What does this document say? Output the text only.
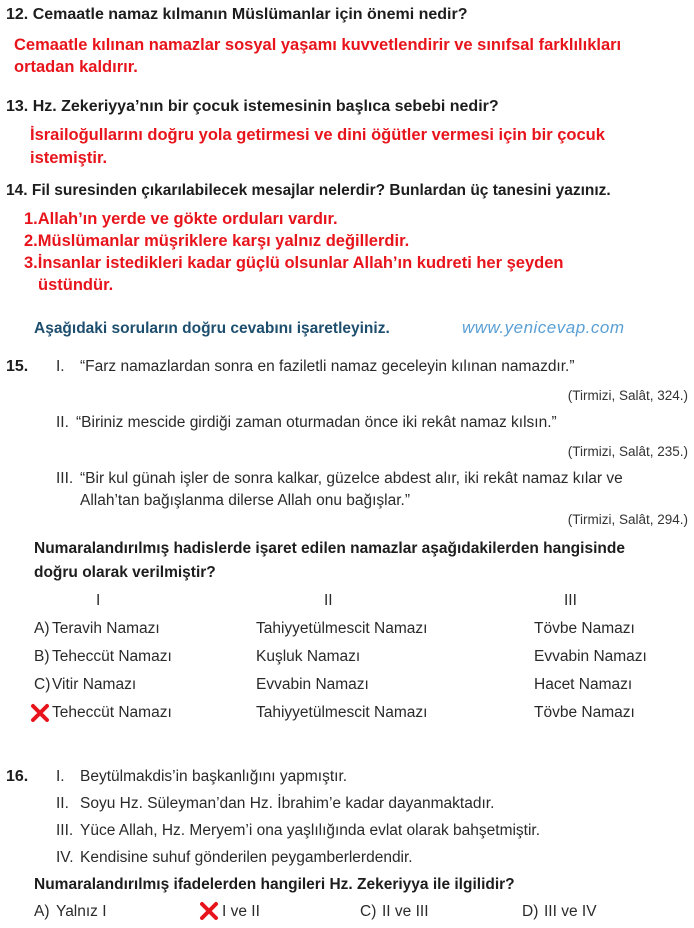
12. Cemaatle namaz kılmanın Müslümanlar için önemi nedir?
Cemaatle kılınan namazlar sosyal yaşamı kuvvetlendirir ve sınıfsal farklılıkları
ortadan kaldırır.
13. Hz. Zekeriyya’nın bir çocuk istemesinin başlıca sebebi nedir?
İsrailoğullarını doğru yola getirmesi ve dini öğütler vermesi için bir çocuk
istemiştir.
14. Fil suresinden çıkarılabilecek mesajlar nelerdir? Bunlardan üç tanesini yazınız.
1.Allah’ın yerde ve gökte orduları vardır.
2.Müslümanlar müşriklere karşı yalnız değillerdir.
3.İnsanlar istedikleri kadar güçlü olsunlar Allah’ın kudreti her şeyden
üstündür.
Aşağıdaki soruların doğru cevabını işaretleyiniz.	www.yenicevap.com
15. I. “Farz namazlardan sonra en faziletli namaz geceleyin kılınan namazdır.”
(Tirmizi, Salât, 324.)
II. “Biriniz mescide girdiği zaman oturmadan önce iki rekât namaz kılsın.”
(Tirmizi, Salât, 235.)
III. “Bir kul günah işler de sonra kalkar, güzelce abdest alır, iki rekât namaz kılar ve
Allah’tan bağışlanma dilerse Allah onu bağışlar.”
(Tirmizi, Salât, 294.)
Numaralandırılmış hadislerde işaret edilen namazlar aşağıdakilerden hangisinde
doğru olarak verilmiştir?
I	II	III
A) Teravih Namazı	Tahiyyetülmescit Namazı	Tövbe Namazı
B) Teheccüt Namazı	Kuşluk Namazı	Evvabin Namazı
C) Vitir Namazı	Evvabin Namazı	Hacet Namazı
Teheccüt Namazı	Tahiyyetülmescit Namazı	Tövbe Namazı
16. I. Beytülmakdis’in başkanlığını yapmıştır.
II. Soyu Hz. Süleyman’dan Hz. İbrahim’e kadar dayanmaktadır.
III. Yüce Allah, Hz. Meryem’i ona yaşlılığında evlat olarak bahşetmiştir.
IV. Kendisine suhuf gönderilen peygamberlerdendir.
Numaralandırılmış ifadelerden hangileri Hz. Zekeriyya ile ilgilidir?
A) Yalnız I	I ve II	C) II ve III	D) III ve IV
